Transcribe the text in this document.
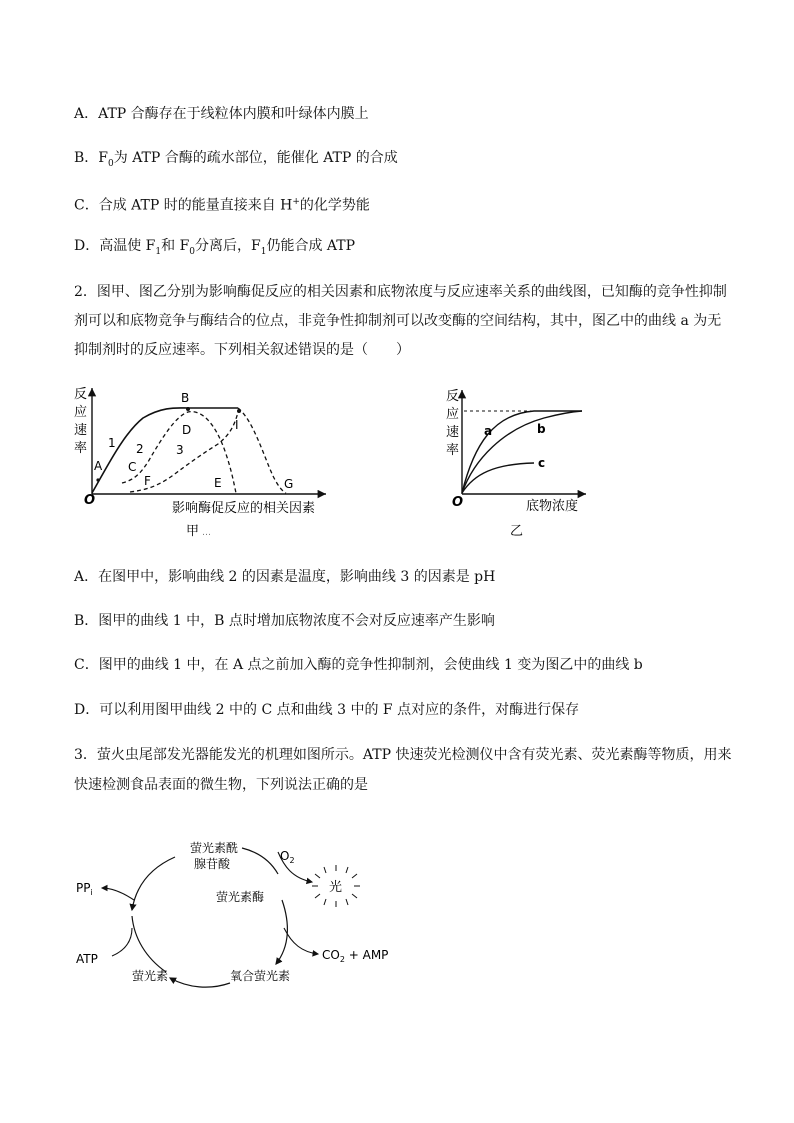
A．ATP 合酶存在于线粒体内膜和叶绿体内膜上
B．$F_0$为 ATP 合酶的疏水部位，能催化 ATP 的合成
C．合成 ATP 时的能量直接来自 H+的化学势能
D．高温使 $F_1$和 $F_0$分离后，$F_1$仍能合成 ATP
2．图甲、图乙分别为影响酶促反应的相关因素和底物浓度与反应速率关系的曲线图，已知酶的竞争性抑制
剂可以和底物竞争与酶结合的位点，非竞争性抑制剂可以改变酶的空间结构，其中，图乙中的曲线 a 为无
抑制剂时的反应速率。下列相关叙述错误的是（　　）
反
应
速
率
O
影响酶促反应的相关因素
甲 …
1 2	3
A
B
C
D
E
F	G
I
反
应
速
率
O	底物浓度
乙
a	b
c
A．在图甲中，影响曲线 2 的因素是温度，影响曲线 3 的因素是 pH
B．图甲的曲线 1 中，B 点时增加底物浓度不会对反应速率产生影响
C．图甲的曲线 1 中，在 A 点之前加入酶的竞争性抑制剂，会使曲线 1 变为图乙中的曲线 b
D．可以利用图甲曲线 2 中的 C 点和曲线 3 中的 F 点对应的条件，对酶进行保存
3．萤火虫尾部发光器能发光的机理如图所示。ATP 快速荧光检测仪中含有荧光素、荧光素酶等物质，用来
快速检测食品表面的微生物，下列说法正确的是
萤光素酰
腺苷酸
萤光素酶
$O_2$
光
$CO_2$ + AMP
$PP_i$
ATP
萤光素	氧合萤光素
